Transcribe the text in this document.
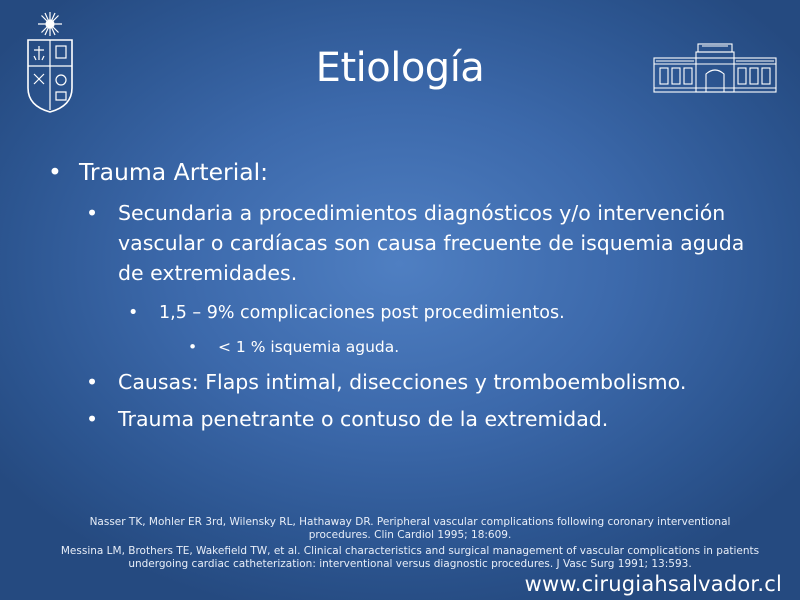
Etiología
• Trauma Arterial:
• Secundaria a procedimientos diagnósticos y/o intervención vascular o cardíacas son causa frecuente de isquemia aguda de extremidades.
• 1,5 – 9% complicaciones post procedimientos.
• < 1 % isquemia aguda.
• Causas: Flaps intimal, disecciones y tromboembolismo.
• Trauma penetrante o contuso de la extremidad.

Nasser TK, Mohler ER 3rd, Wilensky RL, Hathaway DR. Peripheral vascular complications following coronary interventional procedures. Clin Cardiol 1995; 18:609.

Messina LM, Brothers TE, Wakefield TW, et al. Clinical characteristics and surgical management of vascular complications in patients undergoing cardiac catheterization: interventional versus diagnostic procedures. J Vasc Surg 1991; 13:593.

www.cirugiahsalvador.cl
